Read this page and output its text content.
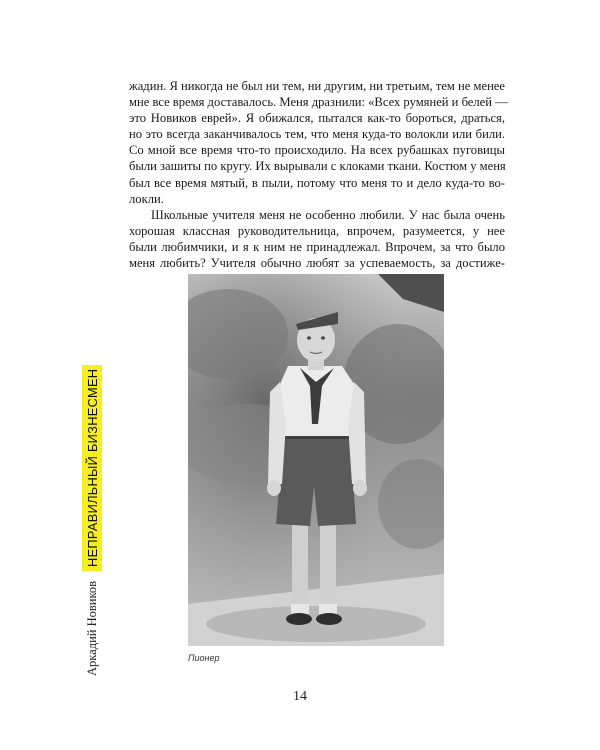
жадин. Я никогда не был ни тем, ни другим, ни третьим, тем не менее
мне все время доставалось. Меня дразнили: «Всех румяней и белей —
это Новиков еврей». Я обижался, пытался как-то бороться, драться,
но это всегда заканчивалось тем, что меня куда-то волокли или били.
Со мной все время что-то происходило. На всех рубашках пуговицы
были зашиты по кругу. Их вырывали с клоками ткани. Костюм у меня
был все время мятый, в пыли, потому что меня то и дело куда-то во-
локли.

Школьные учителя меня не особенно любили. У нас была очень
хорошая классная руководительница, впрочем, разумеется, у нее
были любимчики, и я к ним не принадлежал. Впрочем, за что было
меня любить? Учителя обычно любят за успеваемость, за достиже-

Пионер
14
Аркадий Новиков
НЕПРАВИЛЬНЫЙ БИЗНЕСМЕН
